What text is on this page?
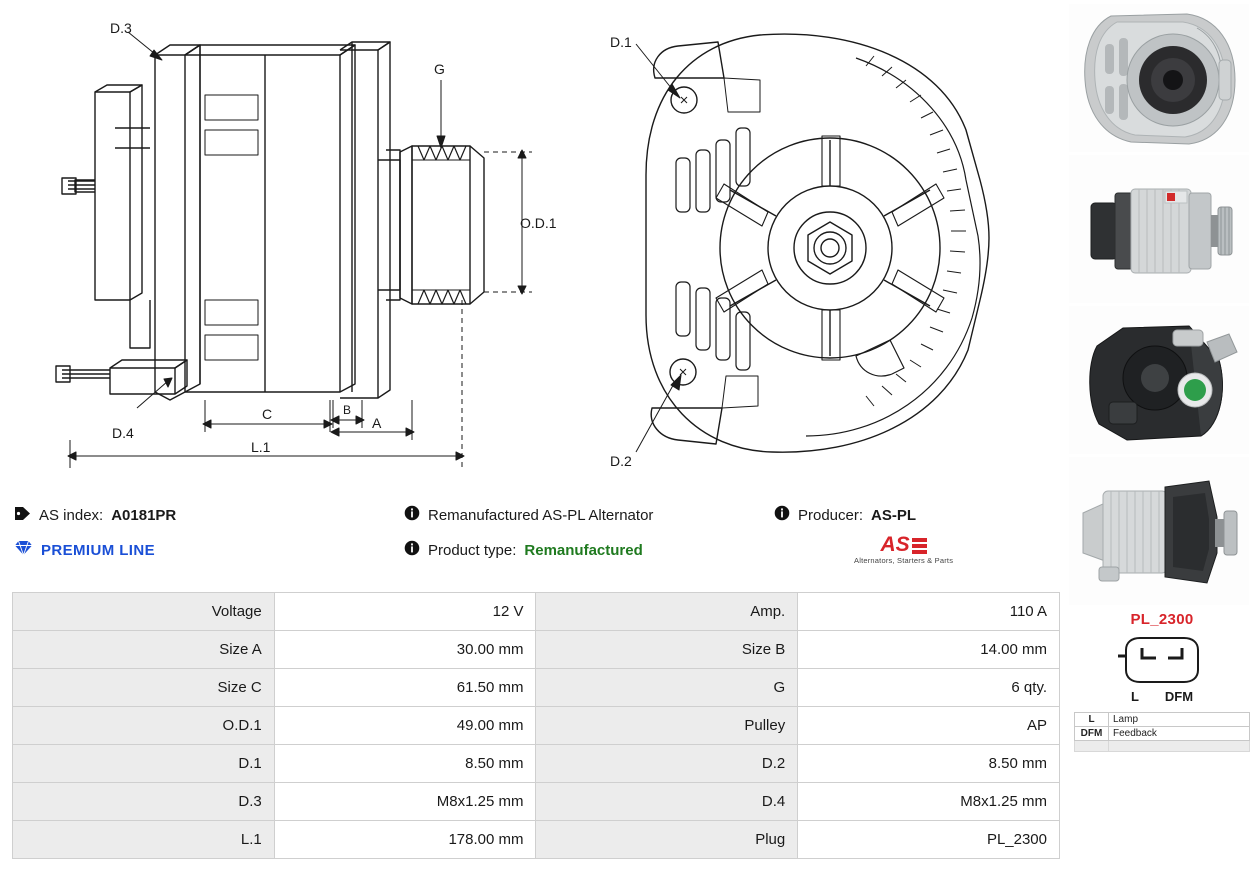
D.3
G
O.D.1
C	B
A
D.4
L.1
D.1
D.2
PL_2300
L DFM
L	Lamp
DFM	Feedback

AS index: A0181PR	Remanufactured AS-PL Alternator	Producer: AS-PL
PREMIUM LINE	Product type: Remanufactured	AS
Alternators, Starters & Parts
Voltage	12 V	Amp.	110 A
Size A	30.00 mm	Size B	14.00 mm
Size C	61.50 mm	G	6 qty.
O.D.1	49.00 mm	Pulley	AP
D.1	8.50 mm	D.2	8.50 mm
D.3	M8x1.25 mm	D.4	M8x1.25 mm
L.1	178.00 mm	Plug	PL_2300
